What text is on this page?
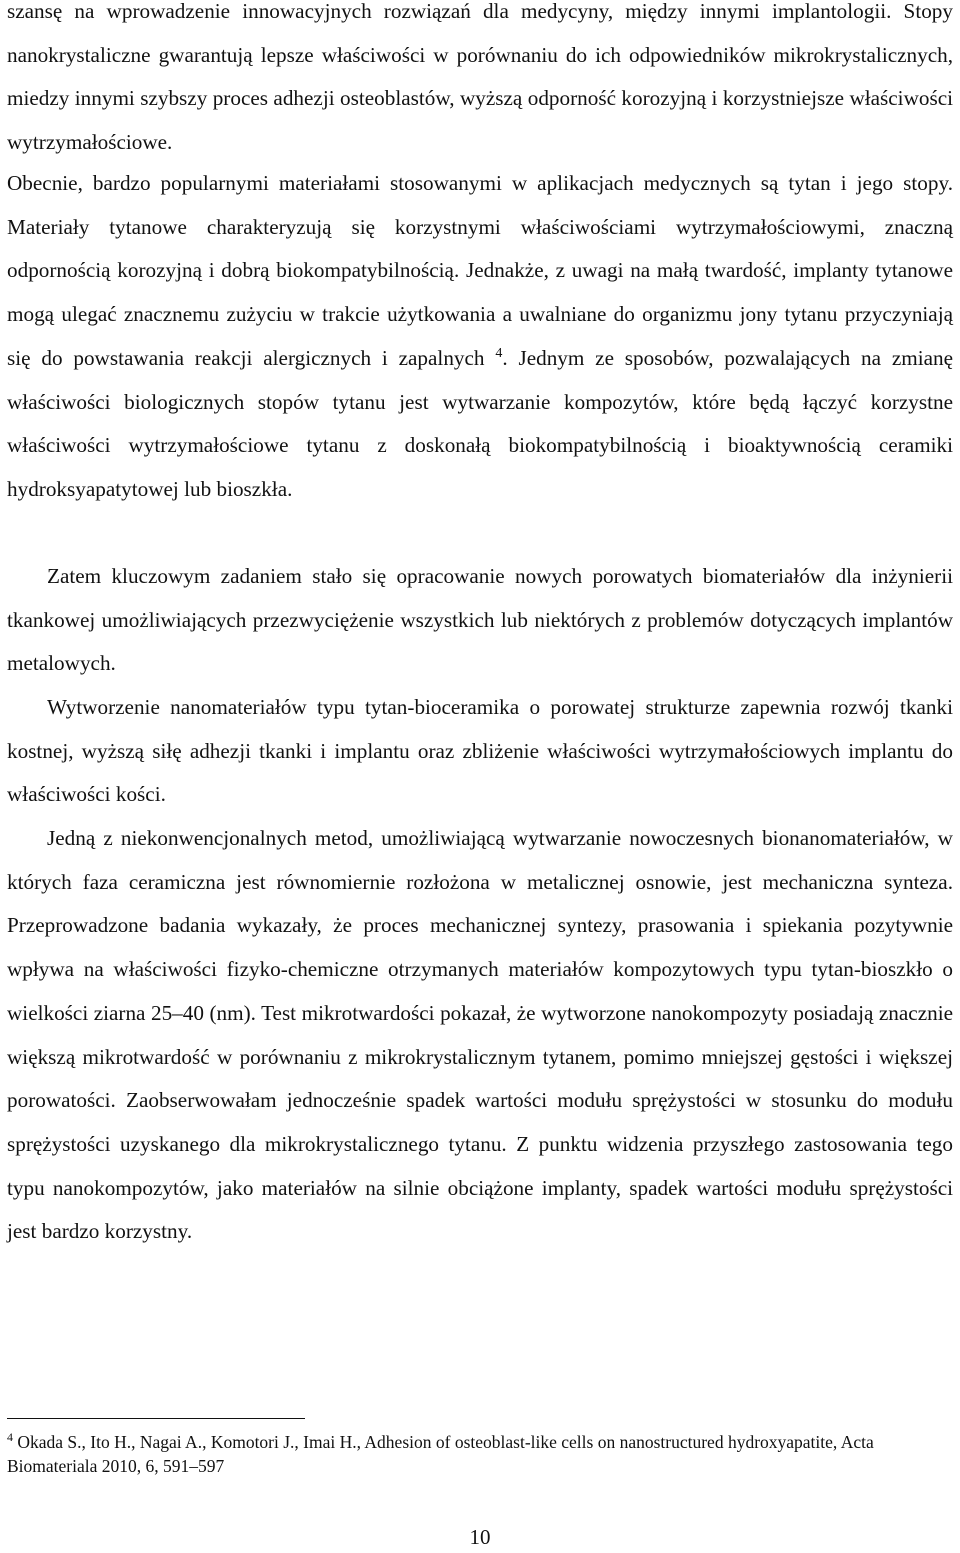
szansę na wprowadzenie innowacyjnych rozwiązań dla medycyny, między innymi implantologii. Stopy nanokrystaliczne gwarantują lepsze właściwości w porównaniu do ich odpowiedników mikrokrystalicznych, miedzy innymi szybszy proces adhezji osteoblastów, wyższą odporność korozyjną i korzystniejsze właściwości wytrzymałościowe.

Obecnie, bardzo popularnymi materiałami stosowanymi w aplikacjach medycznych są tytan i jego stopy. Materiały tytanowe charakteryzują się korzystnymi właściwościami wytrzymałościowymi, znaczną odpornością korozyjną i dobrą biokompatybilnością. Jednakże, z uwagi na małą twardość, implanty tytanowe mogą ulegać znacznemu zużyciu w trakcie użytkowania a uwalniane do organizmu jony tytanu przyczyniają się do powstawania reakcji alergicznych i zapalnych $^4$. Jednym ze sposobów, pozwalających na zmianę właściwości biologicznych stopów tytanu jest wytwarzanie kompozytów, które będą łączyć korzystne właściwości wytrzymałościowe tytanu z doskonałą biokompatybilnością i bioaktywnością ceramiki hydroksyapatytowej lub bioszkła.

Zatem kluczowym zadaniem stało się opracowanie nowych porowatych biomateriałów dla inżynierii tkankowej umożliwiających przezwyciężenie wszystkich lub niektórych z problemów dotyczących implantów metalowych.

Wytworzenie nanomateriałów typu tytan-bioceramika o porowatej strukturze zapewnia rozwój tkanki kostnej, wyższą siłę adhezji tkanki i implantu oraz zbliżenie właściwości wytrzymałościowych implantu do właściwości kości.

Jedną z niekonwencjonalnych metod, umożliwiającą wytwarzanie nowoczesnych bionanomateriałów, w których faza ceramiczna jest równomiernie rozłożona w metalicznej osnowie, jest mechaniczna synteza. Przeprowadzone badania wykazały, że proces mechanicznej syntezy, prasowania i spiekania pozytywnie wpływa na właściwości fizyko-chemiczne otrzymanych materiałów kompozytowych typu tytan-bioszkło o wielkości ziarna 25–40 (nm). Test mikrotwardości pokazał, że wytworzone nanokompozyty posiadają znacznie większą mikrotwardość w porównaniu z mikrokrystalicznym tytanem, pomimo mniejszej gęstości i większej porowatości. Zaobserwowałam jednocześnie spadek wartości modułu sprężystości w stosunku do modułu sprężystości uzyskanego dla mikrokrystalicznego tytanu. Z punktu widzenia przyszłego zastosowania tego typu nanokompozytów, jako materiałów na silnie obciążone implanty, spadek wartości modułu sprężystości jest bardzo korzystny.

$^4$ Okada S., Ito H., Nagai A., Komotori J., Imai H., Adhesion of osteoblast-like cells on nanostructured hydroxyapatite, Acta Biomateriala 2010, 6, 591–597

10
